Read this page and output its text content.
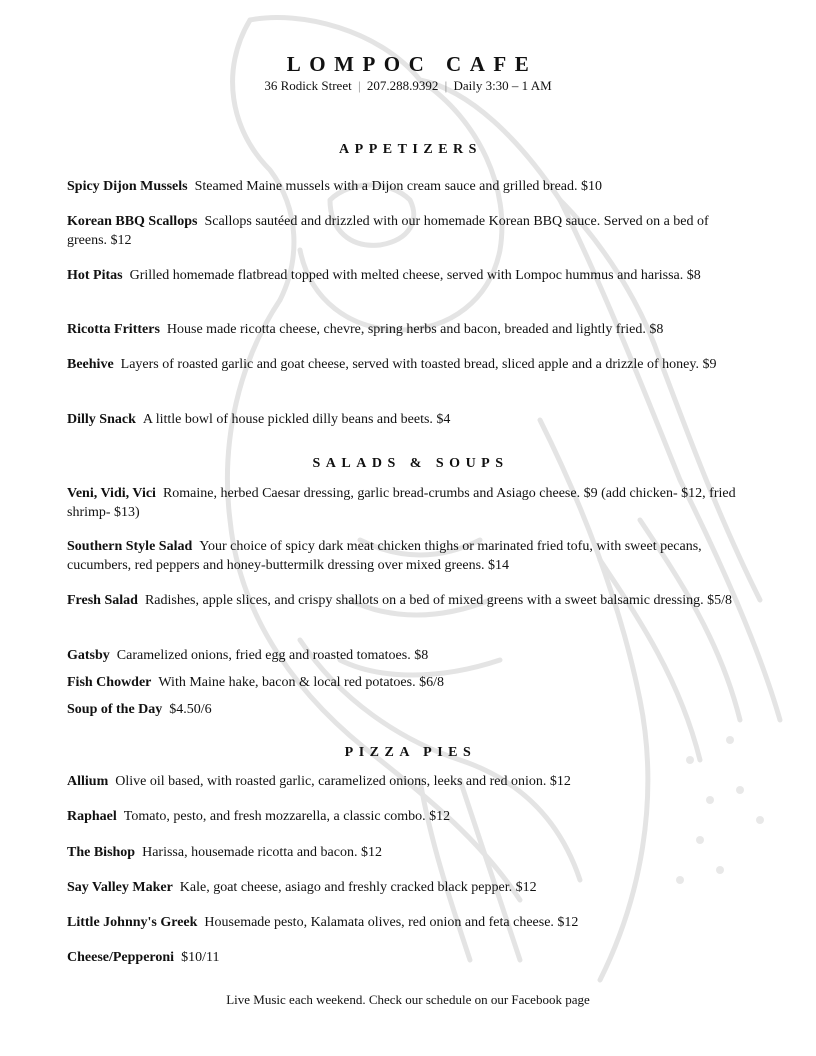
LOMPOC CAFE
36 Rodick Street | 207.288.9392 | Daily 3:30 – 1 AM
APPETIZERS
Spicy Dijon Mussels Steamed Maine mussels with a Dijon cream sauce and grilled bread. $10
Korean BBQ Scallops Scallops sautéed and drizzled with our homemade Korean BBQ sauce. Served on a bed of greens. $12
Hot Pitas Grilled homemade flatbread topped with melted cheese, served with Lompoc hummus and harissa. $8
Ricotta Fritters House made ricotta cheese, chevre, spring herbs and bacon, breaded and lightly fried. $8
Beehive Layers of roasted garlic and goat cheese, served with toasted bread, sliced apple and a drizzle of honey. $9
Dilly Snack A little bowl of house pickled dilly beans and beets. $4
SALADS & SOUPS
Veni, Vidi, Vici Romaine, herbed Caesar dressing, garlic bread-crumbs and Asiago cheese. $9 (add chicken- $12, fried shrimp- $13)
Southern Style Salad Your choice of spicy dark meat chicken thighs or marinated fried tofu, with sweet pecans, cucumbers, red peppers and honey-buttermilk dressing over mixed greens. $14
Fresh Salad Radishes, apple slices, and crispy shallots on a bed of mixed greens with a sweet balsamic dressing. $5/8
Gatsby Caramelized onions, fried egg and roasted tomatoes. $8
Fish Chowder With Maine hake, bacon & local red potatoes. $6/8
Soup of the Day $4.50/6
PIZZA PIES
Allium Olive oil based, with roasted garlic, caramelized onions, leeks and red onion. $12
Raphael Tomato, pesto, and fresh mozzarella, a classic combo. $12
The Bishop Harissa, housemade ricotta and bacon. $12
Say Valley Maker Kale, goat cheese, asiago and freshly cracked black pepper. $12
Little Johnny's Greek Housemade pesto, Kalamata olives, red onion and feta cheese. $12
Cheese/Pepperoni $10/11
Live Music each weekend. Check our schedule on our Facebook page
